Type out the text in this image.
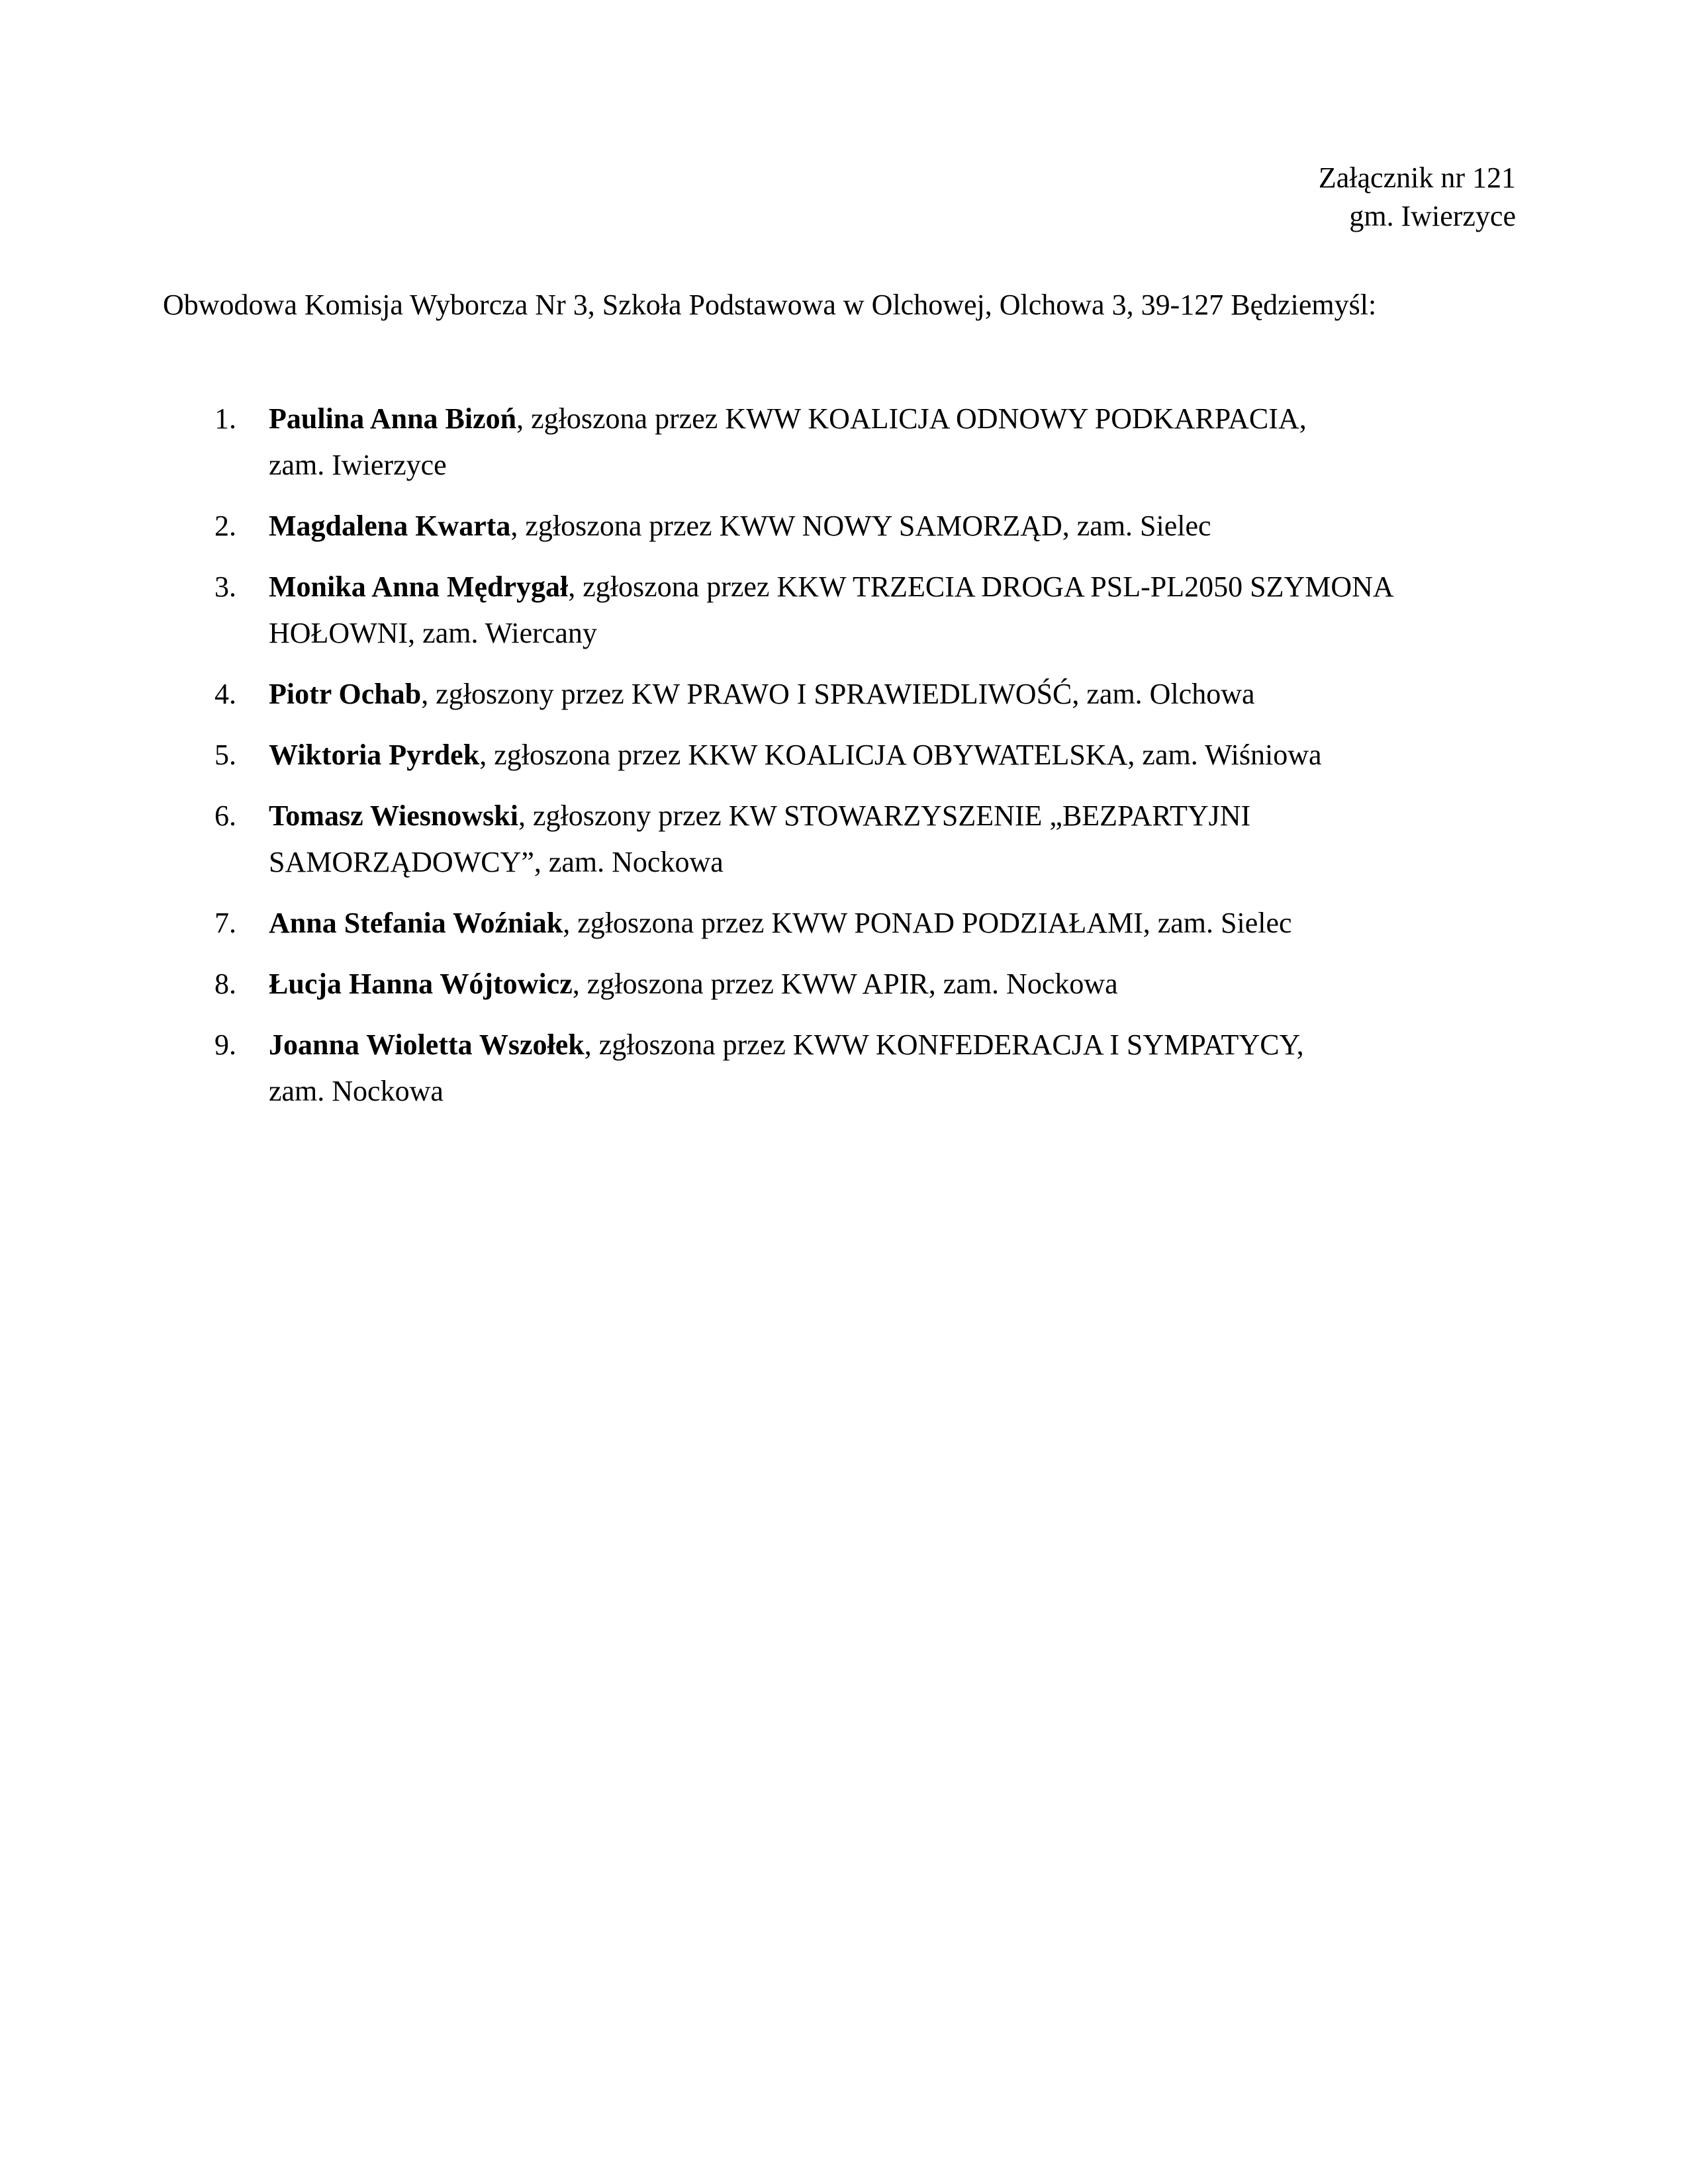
Załącznik nr 121
gm. Iwierzyce
Obwodowa Komisja Wyborcza Nr 3, Szkoła Podstawowa w Olchowej, Olchowa 3, 39-127 Będziemyśl:
1.	Paulina Anna Bizoń, zgłoszona przez KWW KOALICJA ODNOWY PODKARPACIA,
zam. Iwierzyce
2.	Magdalena Kwarta, zgłoszona przez KWW NOWY SAMORZĄD, zam. Sielec
3.	Monika Anna Mędrygał, zgłoszona przez KKW TRZECIA DROGA PSL-PL2050 SZYMONA
HOŁOWNI, zam. Wiercany
4.	Piotr Ochab, zgłoszony przez KW PRAWO I SPRAWIEDLIWOŚĆ, zam. Olchowa
5.	Wiktoria Pyrdek, zgłoszona przez KKW KOALICJA OBYWATELSKA, zam. Wiśniowa
6.	Tomasz Wiesnowski, zgłoszony przez KW STOWARZYSZENIE „BEZPARTYJNI
SAMORZĄDOWCY”, zam. Nockowa
7.	Anna Stefania Woźniak, zgłoszona przez KWW PONAD PODZIAŁAMI, zam. Sielec
8.	Łucja Hanna Wójtowicz, zgłoszona przez KWW APIR, zam. Nockowa
9.	Joanna Wioletta Wszołek, zgłoszona przez KWW KONFEDERACJA I SYMPATYCY,
zam. Nockowa
